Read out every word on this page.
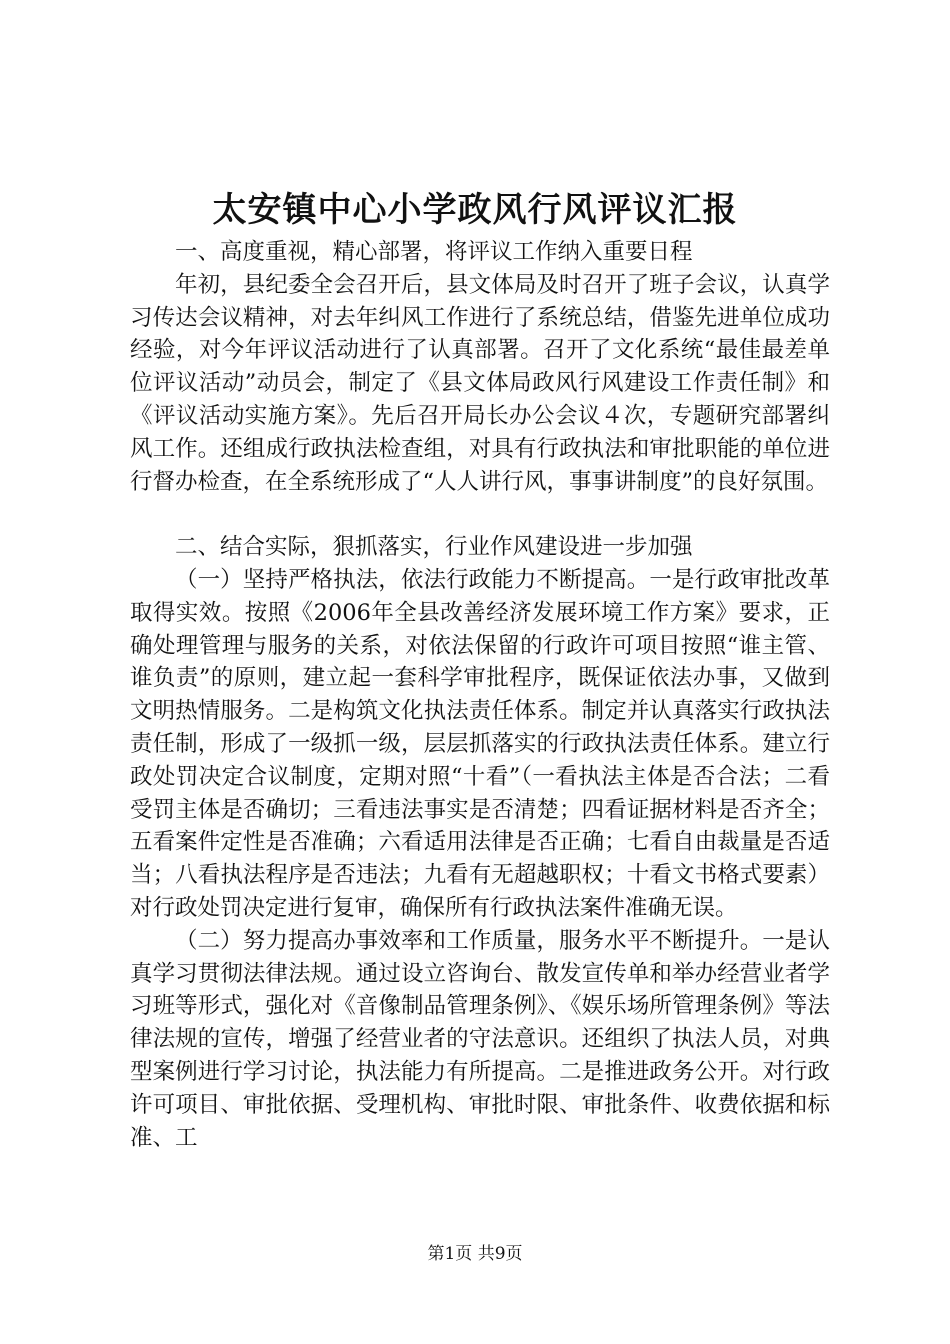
太安镇中心小学政风行风评议汇报

一、高度重视，精心部署，将评议工作纳入重要日程

年初，县纪委全会召开后，县文体局及时召开了班子会议，认真学习传达会议精神，对去年纠风工作进行了系统总结，借鉴先进单位成功经验，对今年评议活动进行了认真部署。召开了文化系统“最佳最差单位评议活动”动员会，制定了《县文体局政风行风建设工作责任制》和《评议活动实施方案》。先后召开局长办公会议４次，专题研究部署纠风工作。还组成行政执法检查组，对具有行政执法和审批职能的单位进行督办检查，在全系统形成了“人人讲行风，事事讲制度”的良好氛围。

二、结合实际，狠抓落实，行业作风建设进一步加强

（一）坚持严格执法，依法行政能力不断提高。一是行政审批改革取得实效。按照《2006年全县改善经济发展环境工作方案》要求，正确处理管理与服务的关系，对依法保留的行政许可项目按照“谁主管、谁负责”的原则，建立起一套科学审批程序，既保证依法办事，又做到文明热情服务。二是构筑文化执法责任体系。制定并认真落实行政执法责任制，形成了一级抓一级，层层抓落实的行政执法责任体系。建立行政处罚决定合议制度，定期对照“十看”（一看执法主体是否合法；二看受罚主体是否确切；三看违法事实是否清楚；四看证据材料是否齐全；五看案件定性是否准确；六看适用法律是否正确；七看自由裁量是否适当；八看执法程序是否违法；九看有无超越职权；十看文书格式要素）对行政处罚决定进行复审，确保所有行政执法案件准确无误。

（二）努力提高办事效率和工作质量，服务水平不断提升。一是认真学习贯彻法律法规。通过设立咨询台、散发宣传单和举办经营业者学习班等形式，强化对《音像制品管理条例》、《娱乐场所管理条例》等法律法规的宣传，增强了经营业者的守法意识。还组织了执法人员，对典型案例进行学习讨论，执法能力有所提高。二是推进政务公开。对行政许可项目、审批依据、受理机构、审批时限、审批条件、收费依据和标准、工

第1页 共9页
